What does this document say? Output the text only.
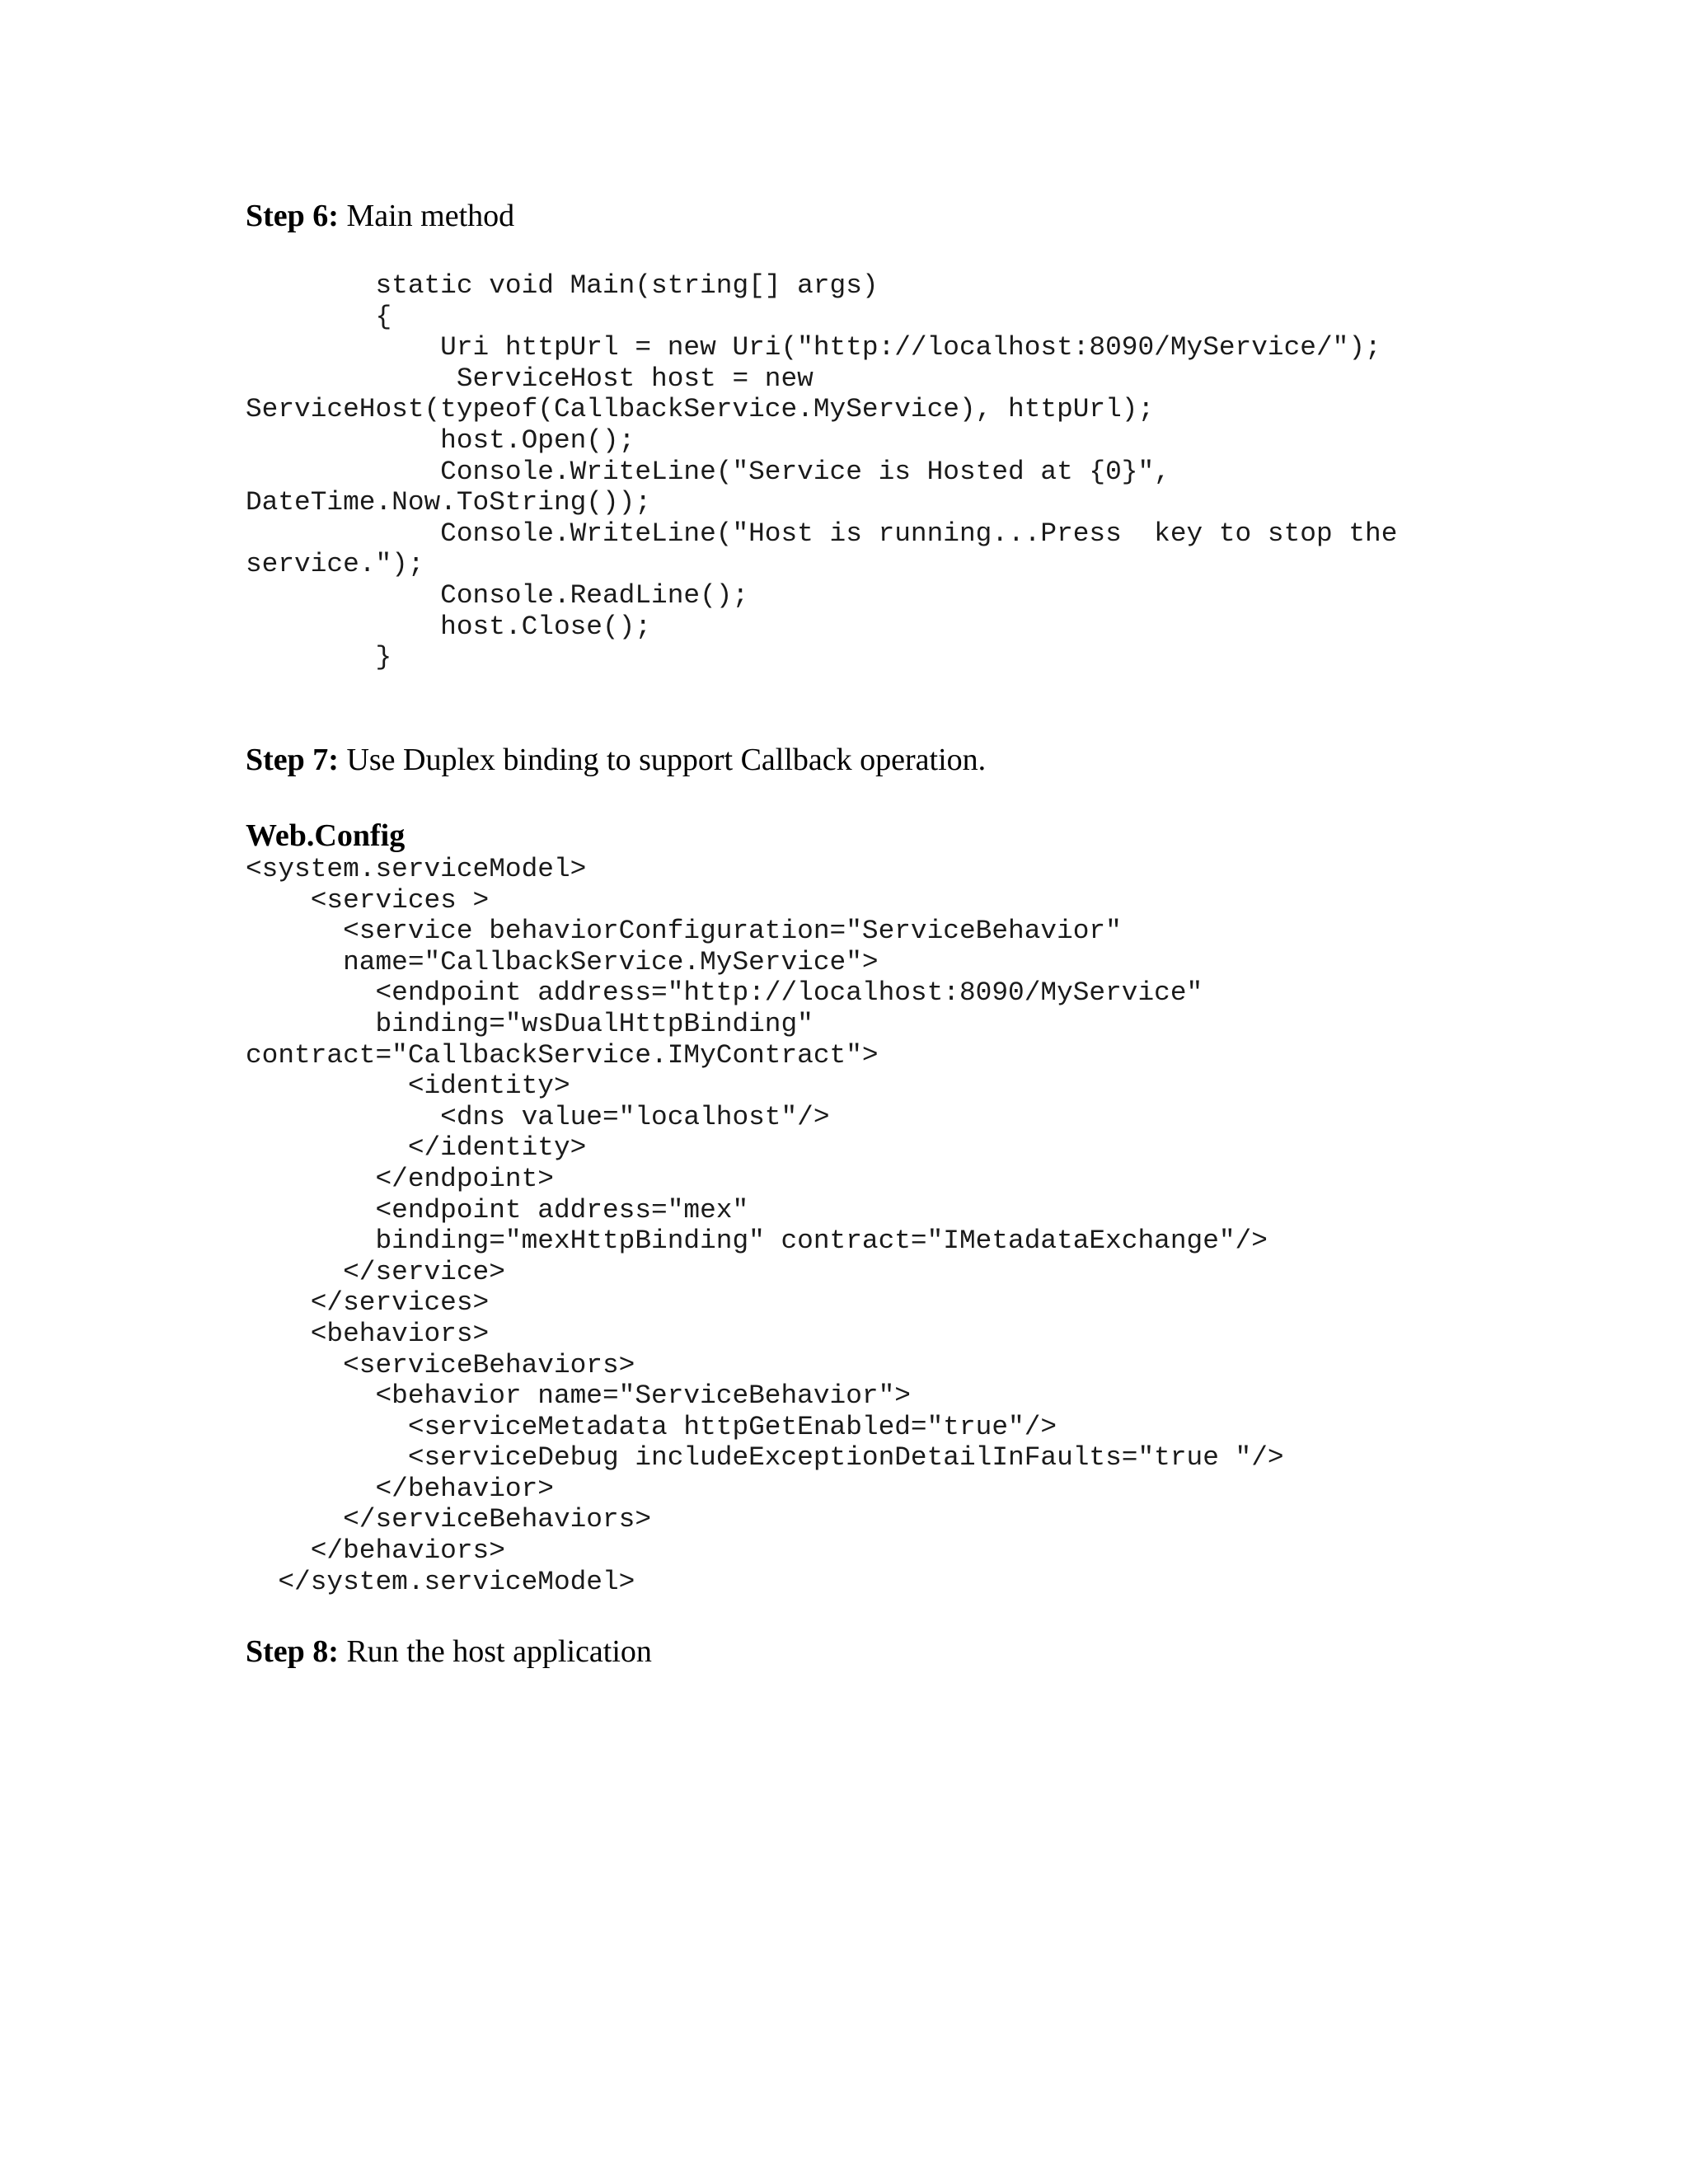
Step 6: Main method

static void Main(string[] args)
{
Uri httpUrl = new Uri("http://localhost:8090/MyService/");
ServiceHost host = new
ServiceHost(typeof(CallbackService.MyService), httpUrl);
host.Open();
Console.WriteLine("Service is Hosted at {0}",
DateTime.Now.ToString());
Console.WriteLine("Host is running...Press  key to stop the
service.");
Console.ReadLine();
host.Close();
}

Step 7: Use Duplex binding to support Callback operation.

Web.Config

<system.serviceModel>
<services >
<service behaviorConfiguration="ServiceBehavior"
name="CallbackService.MyService">
<endpoint address="http://localhost:8090/MyService"
binding="wsDualHttpBinding"
contract="CallbackService.IMyContract">
<identity>
<dns value="localhost"/>
</identity>
</endpoint>
<endpoint address="mex"
binding="mexHttpBinding" contract="IMetadataExchange"/>
</service>
</services>
<behaviors>
<serviceBehaviors>
<behavior name="ServiceBehavior">
<serviceMetadata httpGetEnabled="true"/>
<serviceDebug includeExceptionDetailInFaults="true "/>
</behavior>
</serviceBehaviors>
</behaviors>
</system.serviceModel>

Step 8: Run the host application
